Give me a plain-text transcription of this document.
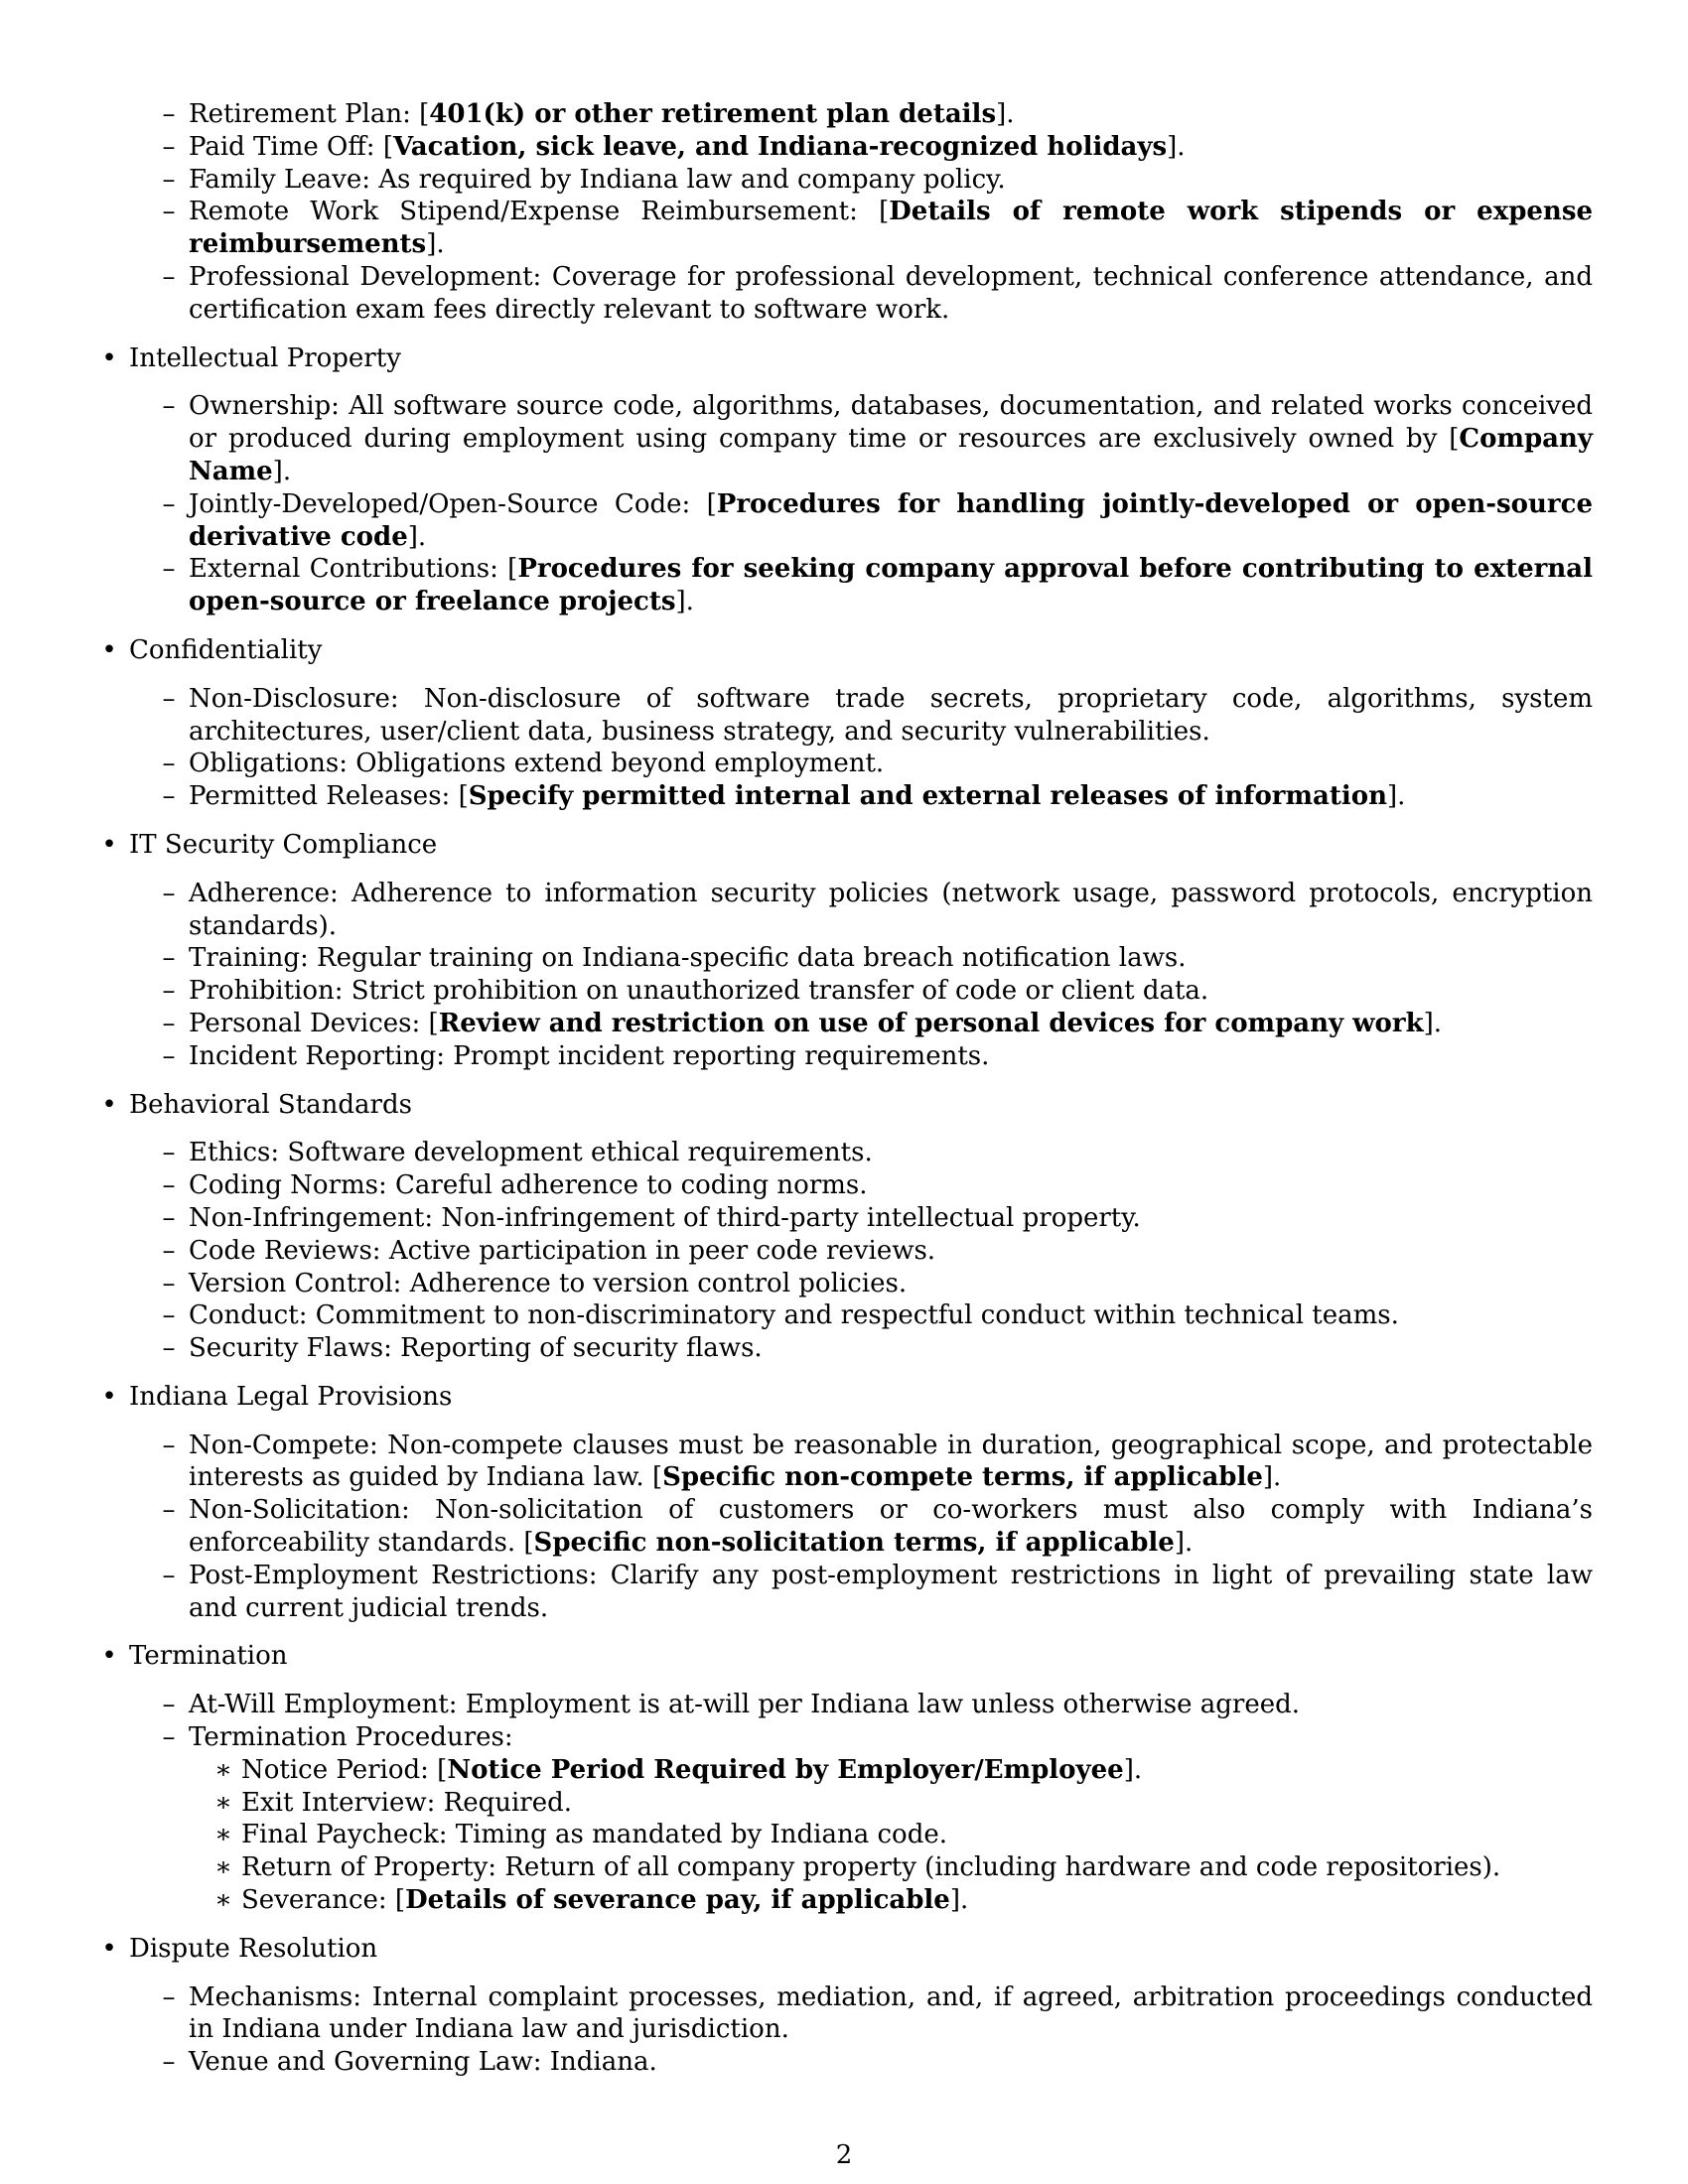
– Retirement Plan: [401(k) or other retirement plan details].
– Paid Time Off: [Vacation, sick leave, and Indiana-recognized holidays].
– Family Leave: As required by Indiana law and company policy.
– Remote Work Stipend/Expense Reimbursement: [Details of remote work stipends or expense reimbursements].
– Professional Development: Coverage for professional development, technical conference attendance, and certification exam fees directly relevant to software work.
• Intellectual Property
– Ownership: All software source code, algorithms, databases, documentation, and related works conceived or produced during employment using company time or resources are exclusively owned by [Company Name].
– Jointly-Developed/Open-Source Code: [Procedures for handling jointly-developed or open-source derivative code].
– External Contributions: [Procedures for seeking company approval before contributing to external open-source or freelance projects].
• Confidentiality
– Non-Disclosure: Non-disclosure of software trade secrets, proprietary code, algorithms, system architectures, user/client data, business strategy, and security vulnerabilities.
– Obligations: Obligations extend beyond employment.
– Permitted Releases: [Specify permitted internal and external releases of information].
• IT Security Compliance
– Adherence: Adherence to information security policies (network usage, password protocols, encryption standards).
– Training: Regular training on Indiana-specific data breach notification laws.
– Prohibition: Strict prohibition on unauthorized transfer of code or client data.
– Personal Devices: [Review and restriction on use of personal devices for company work].
– Incident Reporting: Prompt incident reporting requirements.
• Behavioral Standards
– Ethics: Software development ethical requirements.
– Coding Norms: Careful adherence to coding norms.
– Non-Infringement: Non-infringement of third-party intellectual property.
– Code Reviews: Active participation in peer code reviews.
– Version Control: Adherence to version control policies.
– Conduct: Commitment to non-discriminatory and respectful conduct within technical teams.
– Security Flaws: Reporting of security flaws.
• Indiana Legal Provisions
– Non-Compete: Non-compete clauses must be reasonable in duration, geographical scope, and protectable interests as guided by Indiana law. [Specific non-compete terms, if applicable].
– Non-Solicitation: Non-solicitation of customers or co-workers must also comply with Indiana’s enforceability standards. [Specific non-solicitation terms, if applicable].
– Post-Employment Restrictions: Clarify any post-employment restrictions in light of prevailing state law and current judicial trends.
• Termination
– At-Will Employment: Employment is at-will per Indiana law unless otherwise agreed.
– Termination Procedures:
∗ Notice Period: [Notice Period Required by Employer/Employee].
∗ Exit Interview: Required.
∗ Final Paycheck: Timing as mandated by Indiana code.
∗ Return of Property: Return of all company property (including hardware and code repositories).
∗ Severance: [Details of severance pay, if applicable].
• Dispute Resolution
– Mechanisms: Internal complaint processes, mediation, and, if agreed, arbitration proceedings conducted in Indiana under Indiana law and jurisdiction.
– Venue and Governing Law: Indiana.
2
